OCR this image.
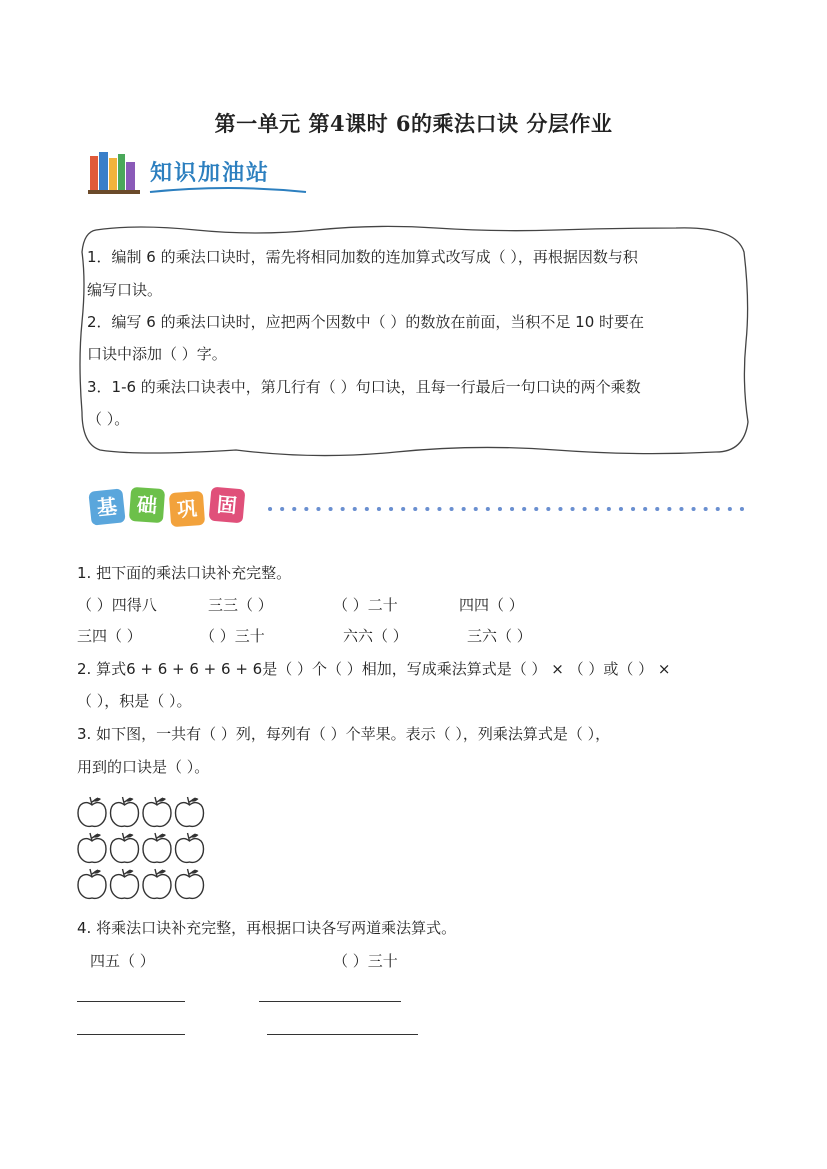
第一单元 第4课时 6的乘法口诀 分层作业
知识加油站
1．编制 6 的乘法口诀时，需先将相同加数的连加算式改写成（ ），再根据因数与积
编写口诀。
2．编写 6 的乘法口诀时，应把两个因数中（ ）的数放在前面，当积不足 10 时要在
口诀中添加（ ）字。
3．1-6 的乘法口诀表中，第几行有（ ）句口诀，且每一行最后一句口诀的两个乘数
（ ）。
基 础 巩 固
1. 把下面的乘法口诀补充完整。
（ ）四得八	三三（ ）	（ ）二十	四四（ ）
三四（ ）	（ ）三十	六六（ ）	三六（ ）
2. 算式6 + 6 + 6 + 6 + 6是（ ）个（ ）相加，写成乘法算式是（ ） × （ ）或（ ） ×
（ ），积是（ ）。
3. 如下图，一共有（ ）列，每列有（ ）个苹果。表示（ ），列乘法算式是（ ），
用到的口诀是（ ）。
4. 将乘法口诀补充完整，再根据口诀各写两道乘法算式。
四五（ ）	（ ）三十
